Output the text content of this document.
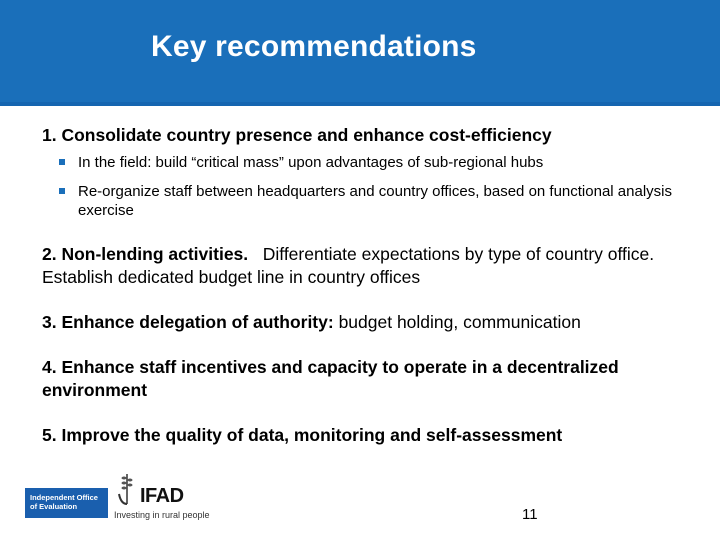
Key recommendations

1. Consolidate country presence and enhance cost-efficiency

In the field: build “critical mass” upon advantages of sub-regional hubs
Re-organize staff between headquarters and country offices, based on functional analysis exercise

2. Non-lending activities.   Differentiate expectations by type of country office.  Establish dedicated budget line in country offices

3. Enhance delegation of authority: budget holding, communication

4. Enhance staff incentives and capacity to operate in a decentralized environment

5. Improve the quality of data, monitoring and self-assessment

Independent Office
of Evaluation	IFAD
Investing in rural people	11
